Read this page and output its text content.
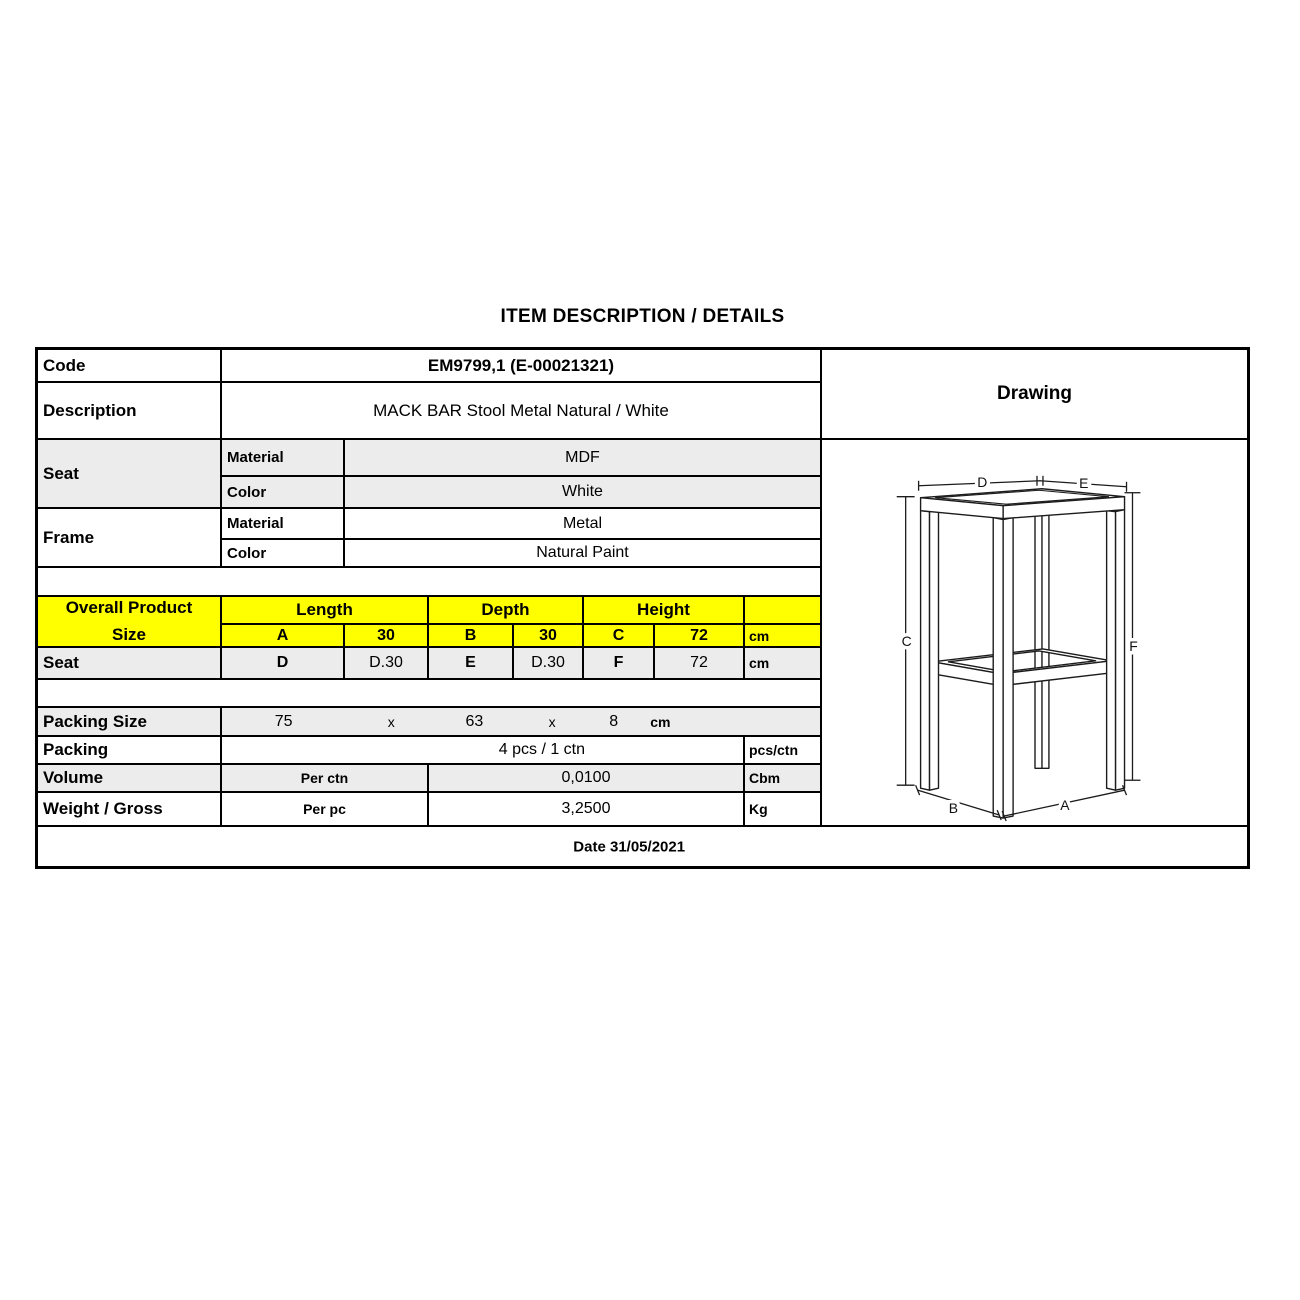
ITEM DESCRIPTION / DETAILS
Code	EM9799,1 (E-00021321)
Drawing
Description	MACK BAR Stool Metal Natural / White
Seat
Material	MDF
Color	White
Frame
Material	Metal
Color	Natural Paint
Overall Product
Size
Length	Depth	Height
A	30	B	30	C	72	cm
Seat	D	D.30	E	D.30	F	72	cm
Packing Size	75	x	63	x	8 cm
Packing	4 pcs / 1 ctn	pcs/ctn
Volume	Per ctn	0,0100	Cbm
Weight / Gross	Per pc	3,2500	Kg
D	E
C	F
B	A
Date 31/05/2021
